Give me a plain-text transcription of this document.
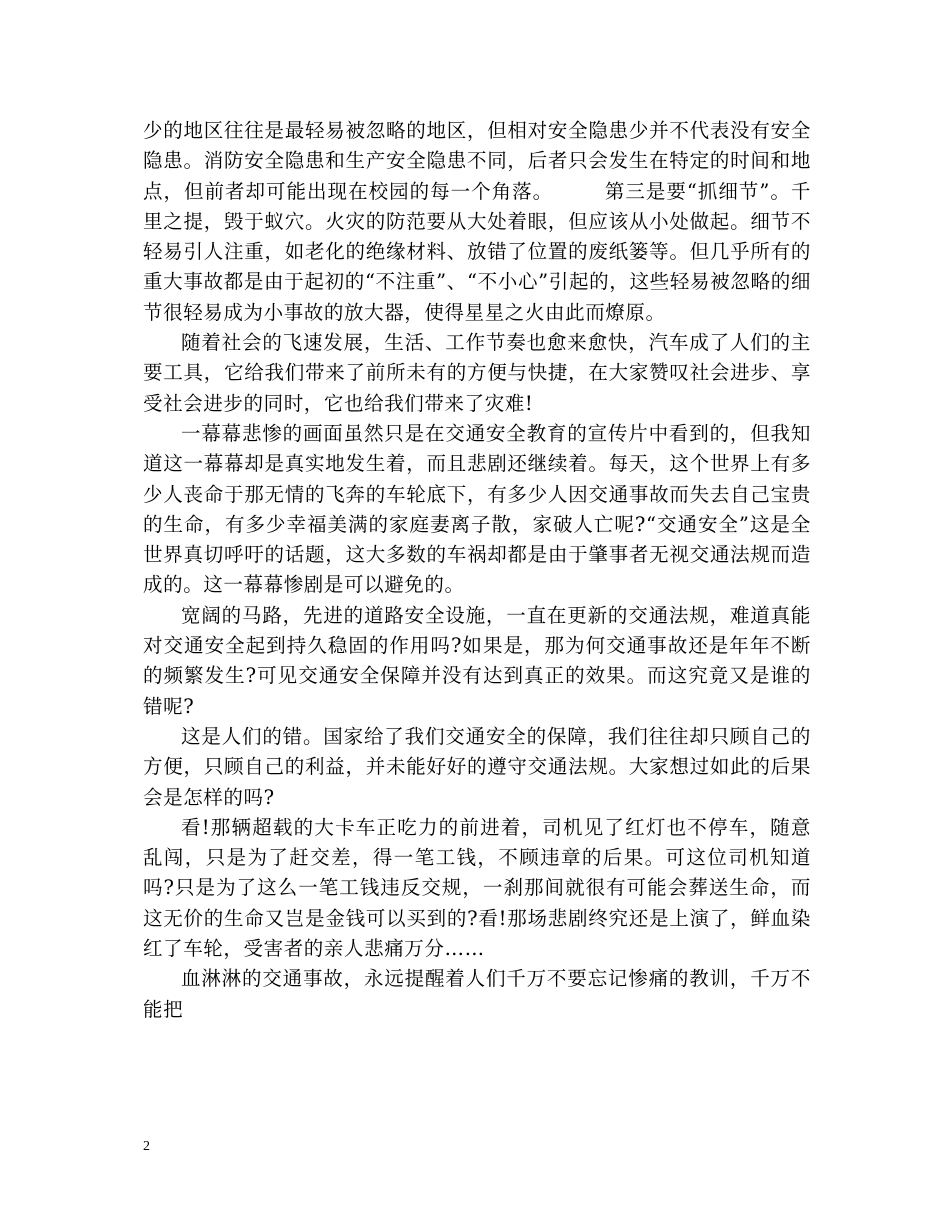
少的地区往往是最轻易被忽略的地区，但相对安全隐患少并不代表没有安全隐患。消防安全隐患和生产安全隐患不同，后者只会发生在特定的时间和地点，但前者却可能出现在校园的每一个角落。　　　第三是要“抓细节”。千里之提，毁于蚁穴。火灾的防范要从大处着眼，但应该从小处做起。细节不轻易引人注重，如老化的绝缘材料、放错了位置的废纸篓等。但几乎所有的重大事故都是由于起初的“不注重”、“不小心”引起的，这些轻易被忽略的细节很轻易成为小事故的放大器，使得星星之火由此而燎原。

随着社会的飞速发展，生活、工作节奏也愈来愈快，汽车成了人们的主要工具，它给我们带来了前所未有的方便与快捷，在大家赞叹社会进步、享受社会进步的同时，它也给我们带来了灾难!

一幕幕悲惨的画面虽然只是在交通安全教育的宣传片中看到的，但我知道这一幕幕却是真实地发生着，而且悲剧还继续着。每天，这个世界上有多少人丧命于那无情的飞奔的车轮底下，有多少人因交通事故而失去自己宝贵的生命，有多少幸福美满的家庭妻离子散，家破人亡呢?“交通安全”这是全世界真切呼吁的话题，这大多数的车祸却都是由于肇事者无视交通法规而造成的。这一幕幕惨剧是可以避免的。

宽阔的马路，先进的道路安全设施，一直在更新的交通法规，难道真能对交通安全起到持久稳固的作用吗?如果是，那为何交通事故还是年年不断的频繁发生?可见交通安全保障并没有达到真正的效果。而这究竟又是谁的错呢?

这是人们的错。国家给了我们交通安全的保障，我们往往却只顾自己的方便，只顾自己的利益，并未能好好的遵守交通法规。大家想过如此的后果会是怎样的吗?

看!那辆超载的大卡车正吃力的前进着，司机见了红灯也不停车，随意乱闯，只是为了赶交差，得一笔工钱，不顾违章的后果。可这位司机知道吗?只是为了这么一笔工钱违反交规，一刹那间就很有可能会葬送生命，而这无价的生命又岂是金钱可以买到的?看!那场悲剧终究还是上演了，鲜血染红了车轮，受害者的亲人悲痛万分……

血淋淋的交通事故，永远提醒着人们千万不要忘记惨痛的教训，千万不能把

2
